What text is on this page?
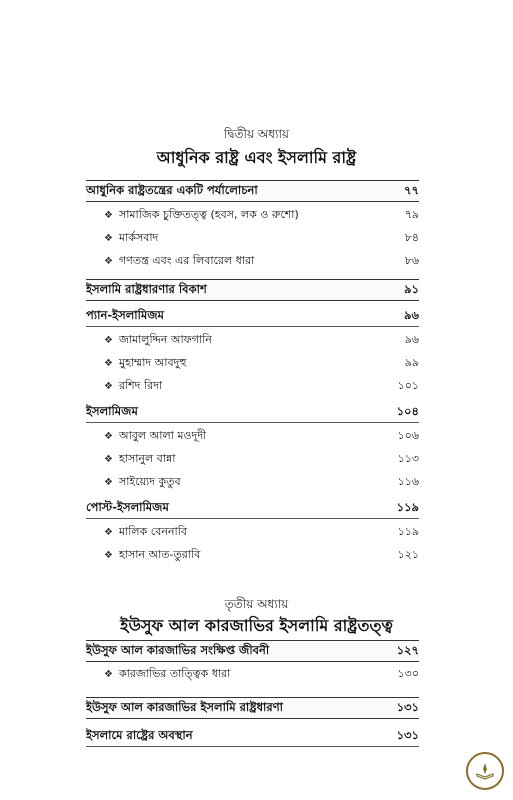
দ্বিতীয় অধ্যায়
আধুনিক রাষ্ট্র এবং ইসলামি রাষ্ট্র
আধুনিক রাষ্ট্রতন্ত্রের একটি পর্যালোচনা	৭৭
❖ সামাজিক চুক্তিতত্ত্ব (হবস, লক ও রুশো)	৭৯
❖ মার্কসবাদ	৮৪
❖ গণতন্ত্র এবং এর লিবারেল ধারা	৮৬
ইসলামি রাষ্ট্রধারণার বিকাশ	৯১
প্যান-ইসলামিজম	৯৬
❖ জামালুদ্দিন আফগানি	৯৬
❖ মুহাম্মাদ আবদুহু	৯৯
❖ রশিদ রিদা	১০১
ইসলামিজম	১০৪
❖ আবুল আলা মওদূদী	১০৬
❖ হাসানুল বান্না	১১৩
❖ সাইয়্যেদ কুতুব	১১৬
পোস্ট-ইসলামিজম	১১৯
❖ মালিক বেননাবি	১১৯
❖ হাসান আত-তুরাবি	১২১
তৃতীয় অধ্যায়
ইউসুফ আল কারজাভির ইসলামি রাষ্ট্রতত্ত্ব
ইউসুফ আল কারজাভির সংক্ষিপ্ত জীবনী	১২৭
❖ কারজাভির তাত্ত্বিক ধারা	১৩০
ইউসুফ আল কারজাভির ইসলামি রাষ্ট্রধারণা	১৩১
ইসলামে রাষ্ট্রের অবস্থান	১৩১
